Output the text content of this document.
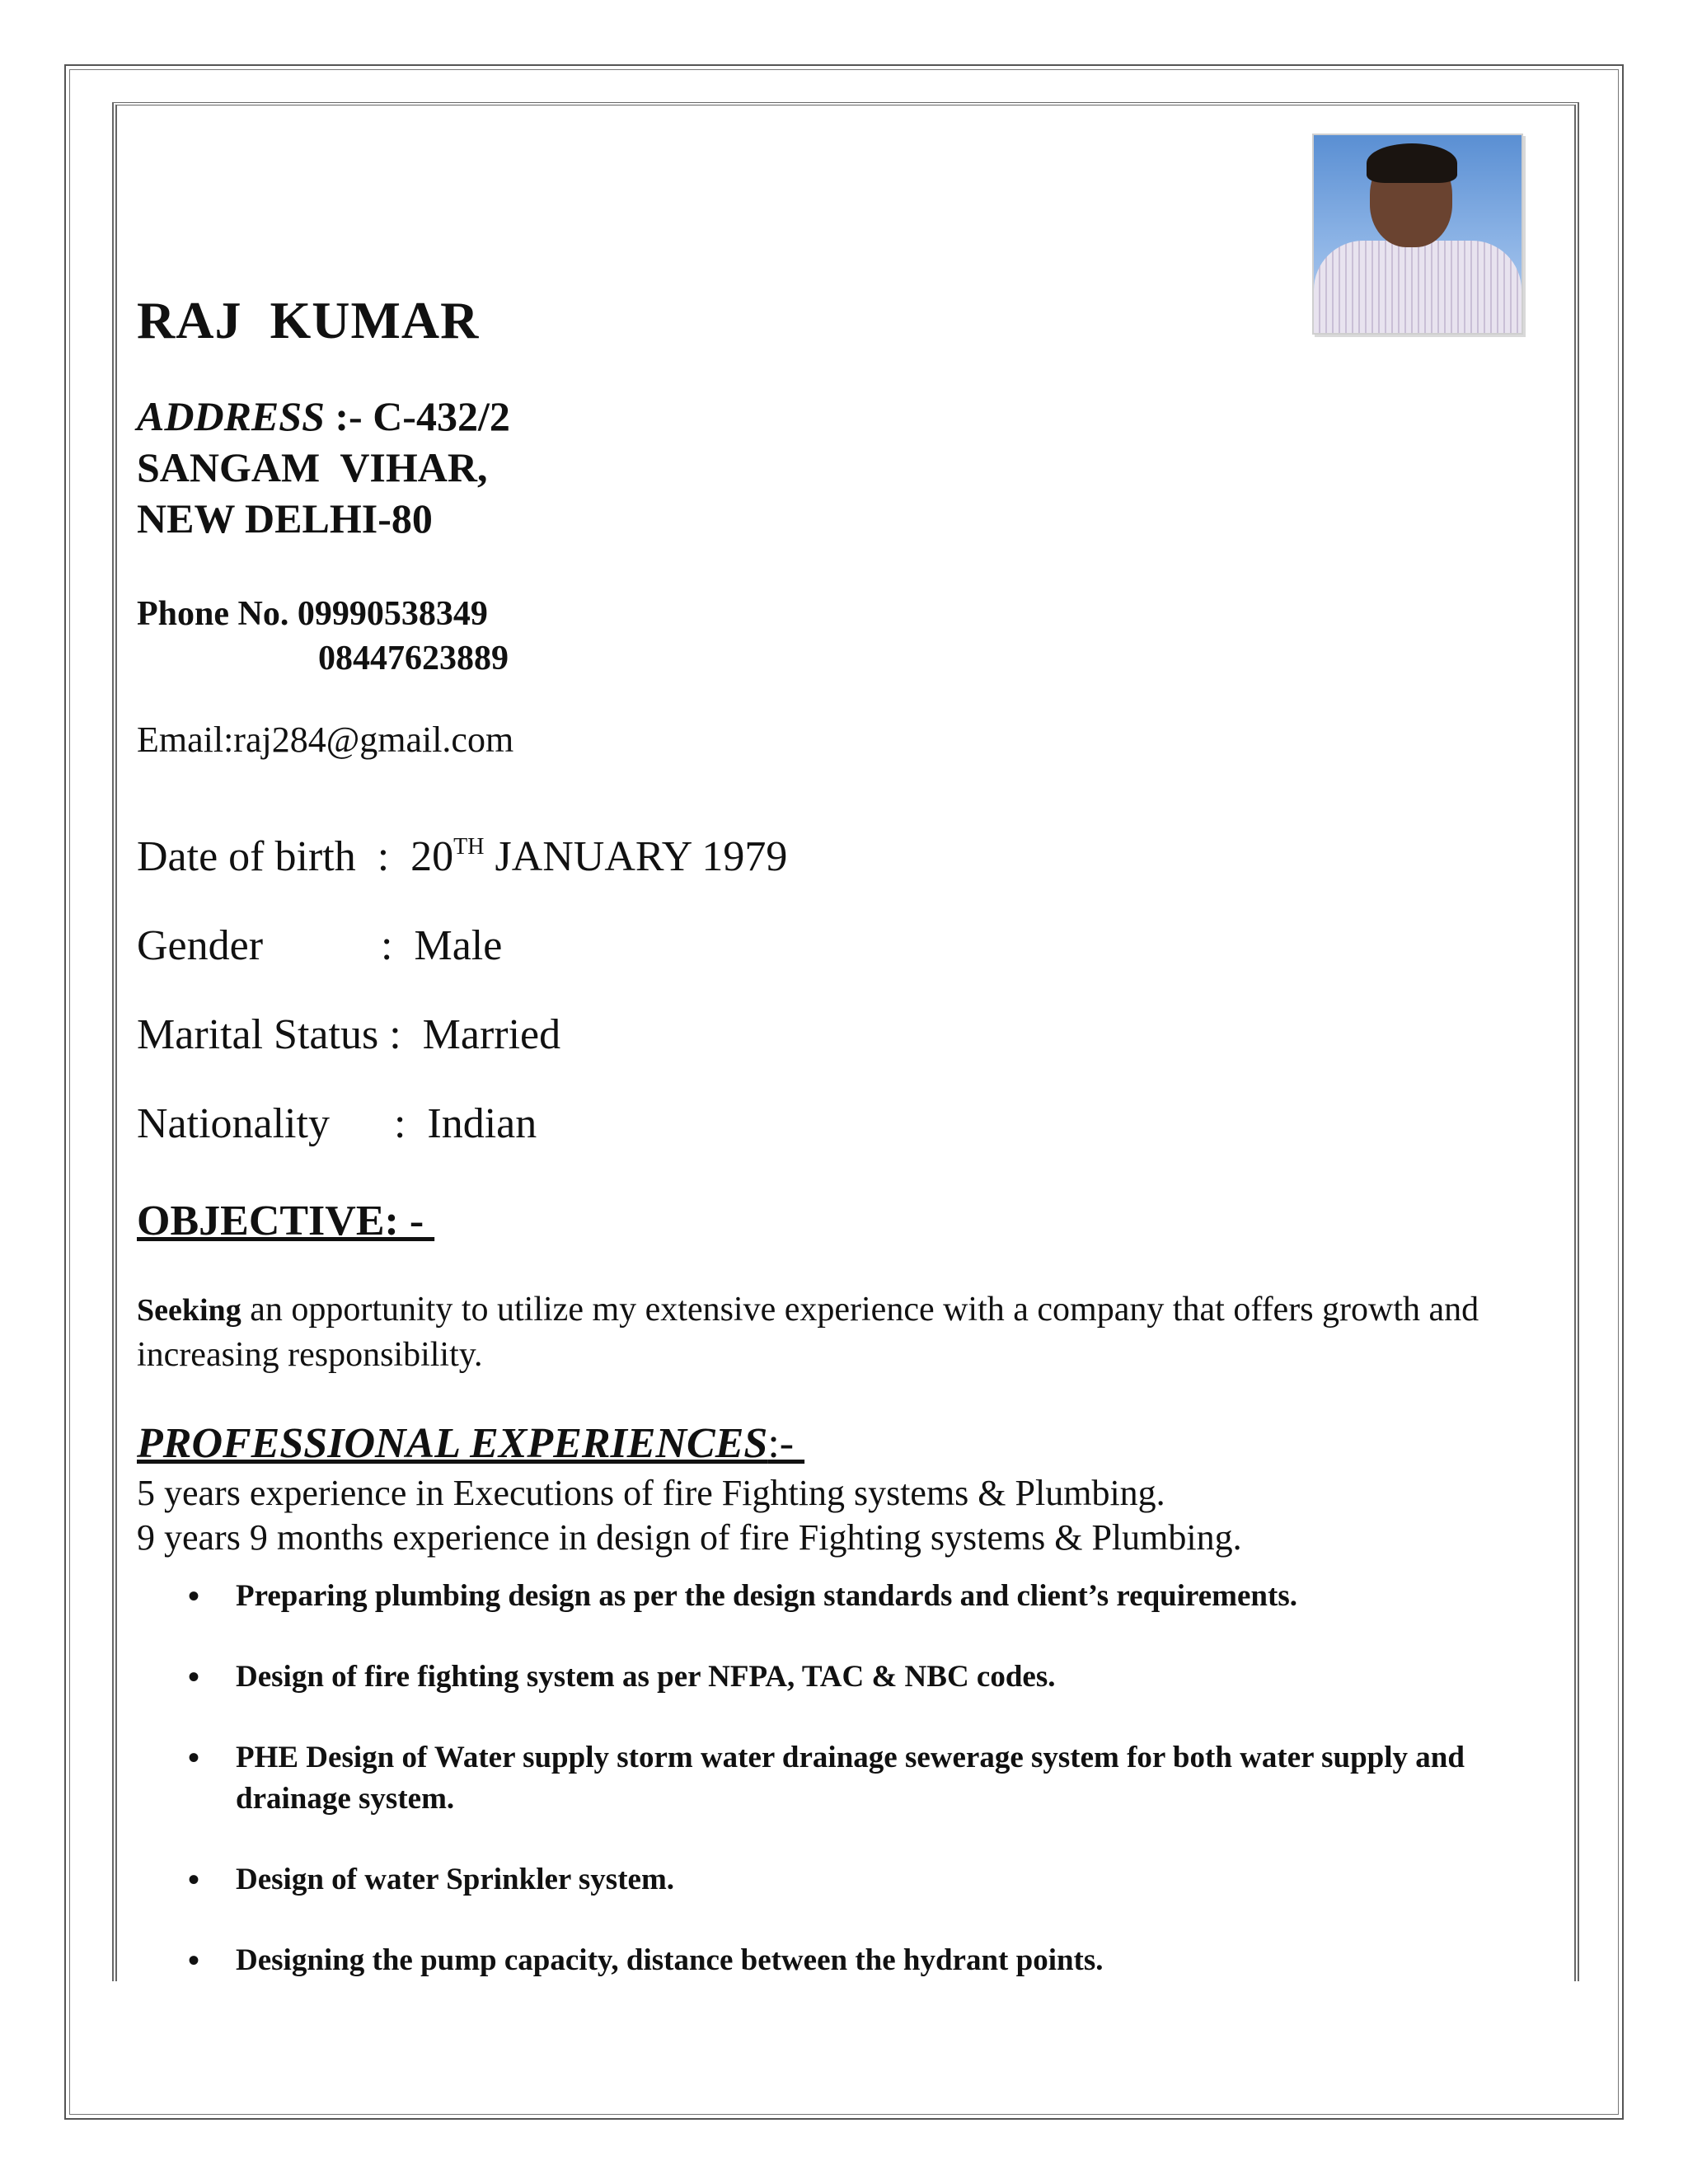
RAJ  KUMAR
ADDRESS :- C-432/2
SANGAM  VIHAR,
NEW DELHI-80
Phone No. 09990538349
08447623889
Email:raj284@gmail.com
Date of birth  :  20TH JANUARY 1979
Gender           :  Male
Marital Status :  Married
Nationality      :  Indian
OBJECTIVE: -
Seeking an opportunity to utilize my extensive experience with a company that offers growth and increasing responsibility.
PROFESSIONAL EXPERIENCES:-
5 years experience in Executions of fire Fighting systems & Plumbing.
9 years 9 months experience in design of fire Fighting systems & Plumbing.
• Preparing plumbing design as per the design standards and client’s requirements.
• Design of fire fighting system as per NFPA, TAC & NBC codes.
• PHE Design of Water supply storm water drainage sewerage system for both water supply and drainage system.
• Design of water Sprinkler system.
• Designing the pump capacity, distance between the hydrant points.
